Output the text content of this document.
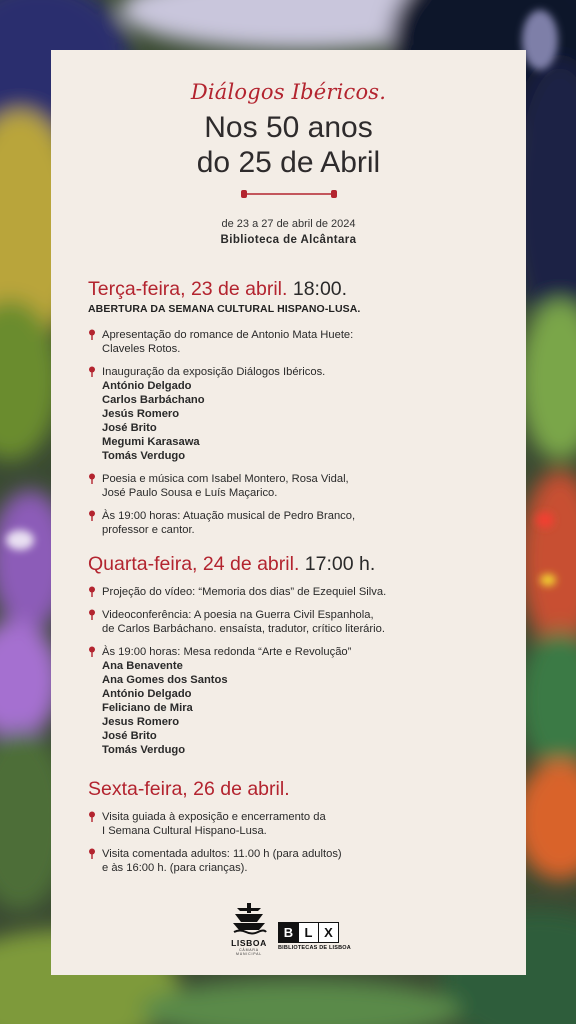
Diálogos Ibéricos.
Nos 50 anos
do 25 de Abril
de 23 a 27 de abril de 2024
Biblioteca de Alcântara
Terça-feira, 23 de abril. 18:00.
ABERTURA DA SEMANA CULTURAL HISPANO-LUSA.
Apresentação do romance de Antonio Mata Huete:
Claveles Rotos.
Inauguração da exposição Diálogos Ibéricos.
António Delgado
Carlos Barbáchano
Jesús Romero
José Brito
Megumi Karasawa
Tomás Verdugo
Poesia e música com Isabel Montero, Rosa Vidal,
José Paulo Sousa e Luís Maçarico.
Às 19:00 horas: Atuação musical de Pedro Branco,
professor e cantor.
Quarta-feira, 24 de abril. 17:00 h.
Projeção do vídeo: “Memoria dos dias” de Ezequiel Silva.
Videoconferência: A poesia na Guerra Civil Espanhola,
de Carlos Barbáchano. ensaísta, tradutor, crítico literário.
Às 19:00 horas: Mesa redonda “Arte e Revolução”
Ana Benavente
Ana Gomes dos Santos
António Delgado
Feliciano de Mira
Jesus Romero
José Brito
Tomás Verdugo
Sexta-feira, 26 de abril.
Visita guiada à exposição e encerramento da
I Semana Cultural Hispano-Lusa.
Visita comentada adultos: 11.00 h (para adultos)
e às 16:00 h. (para crianças).
LISBOA
CÂMARA MUNICIPAL
B L X
BIBLIOTECAS DE LISBOA
